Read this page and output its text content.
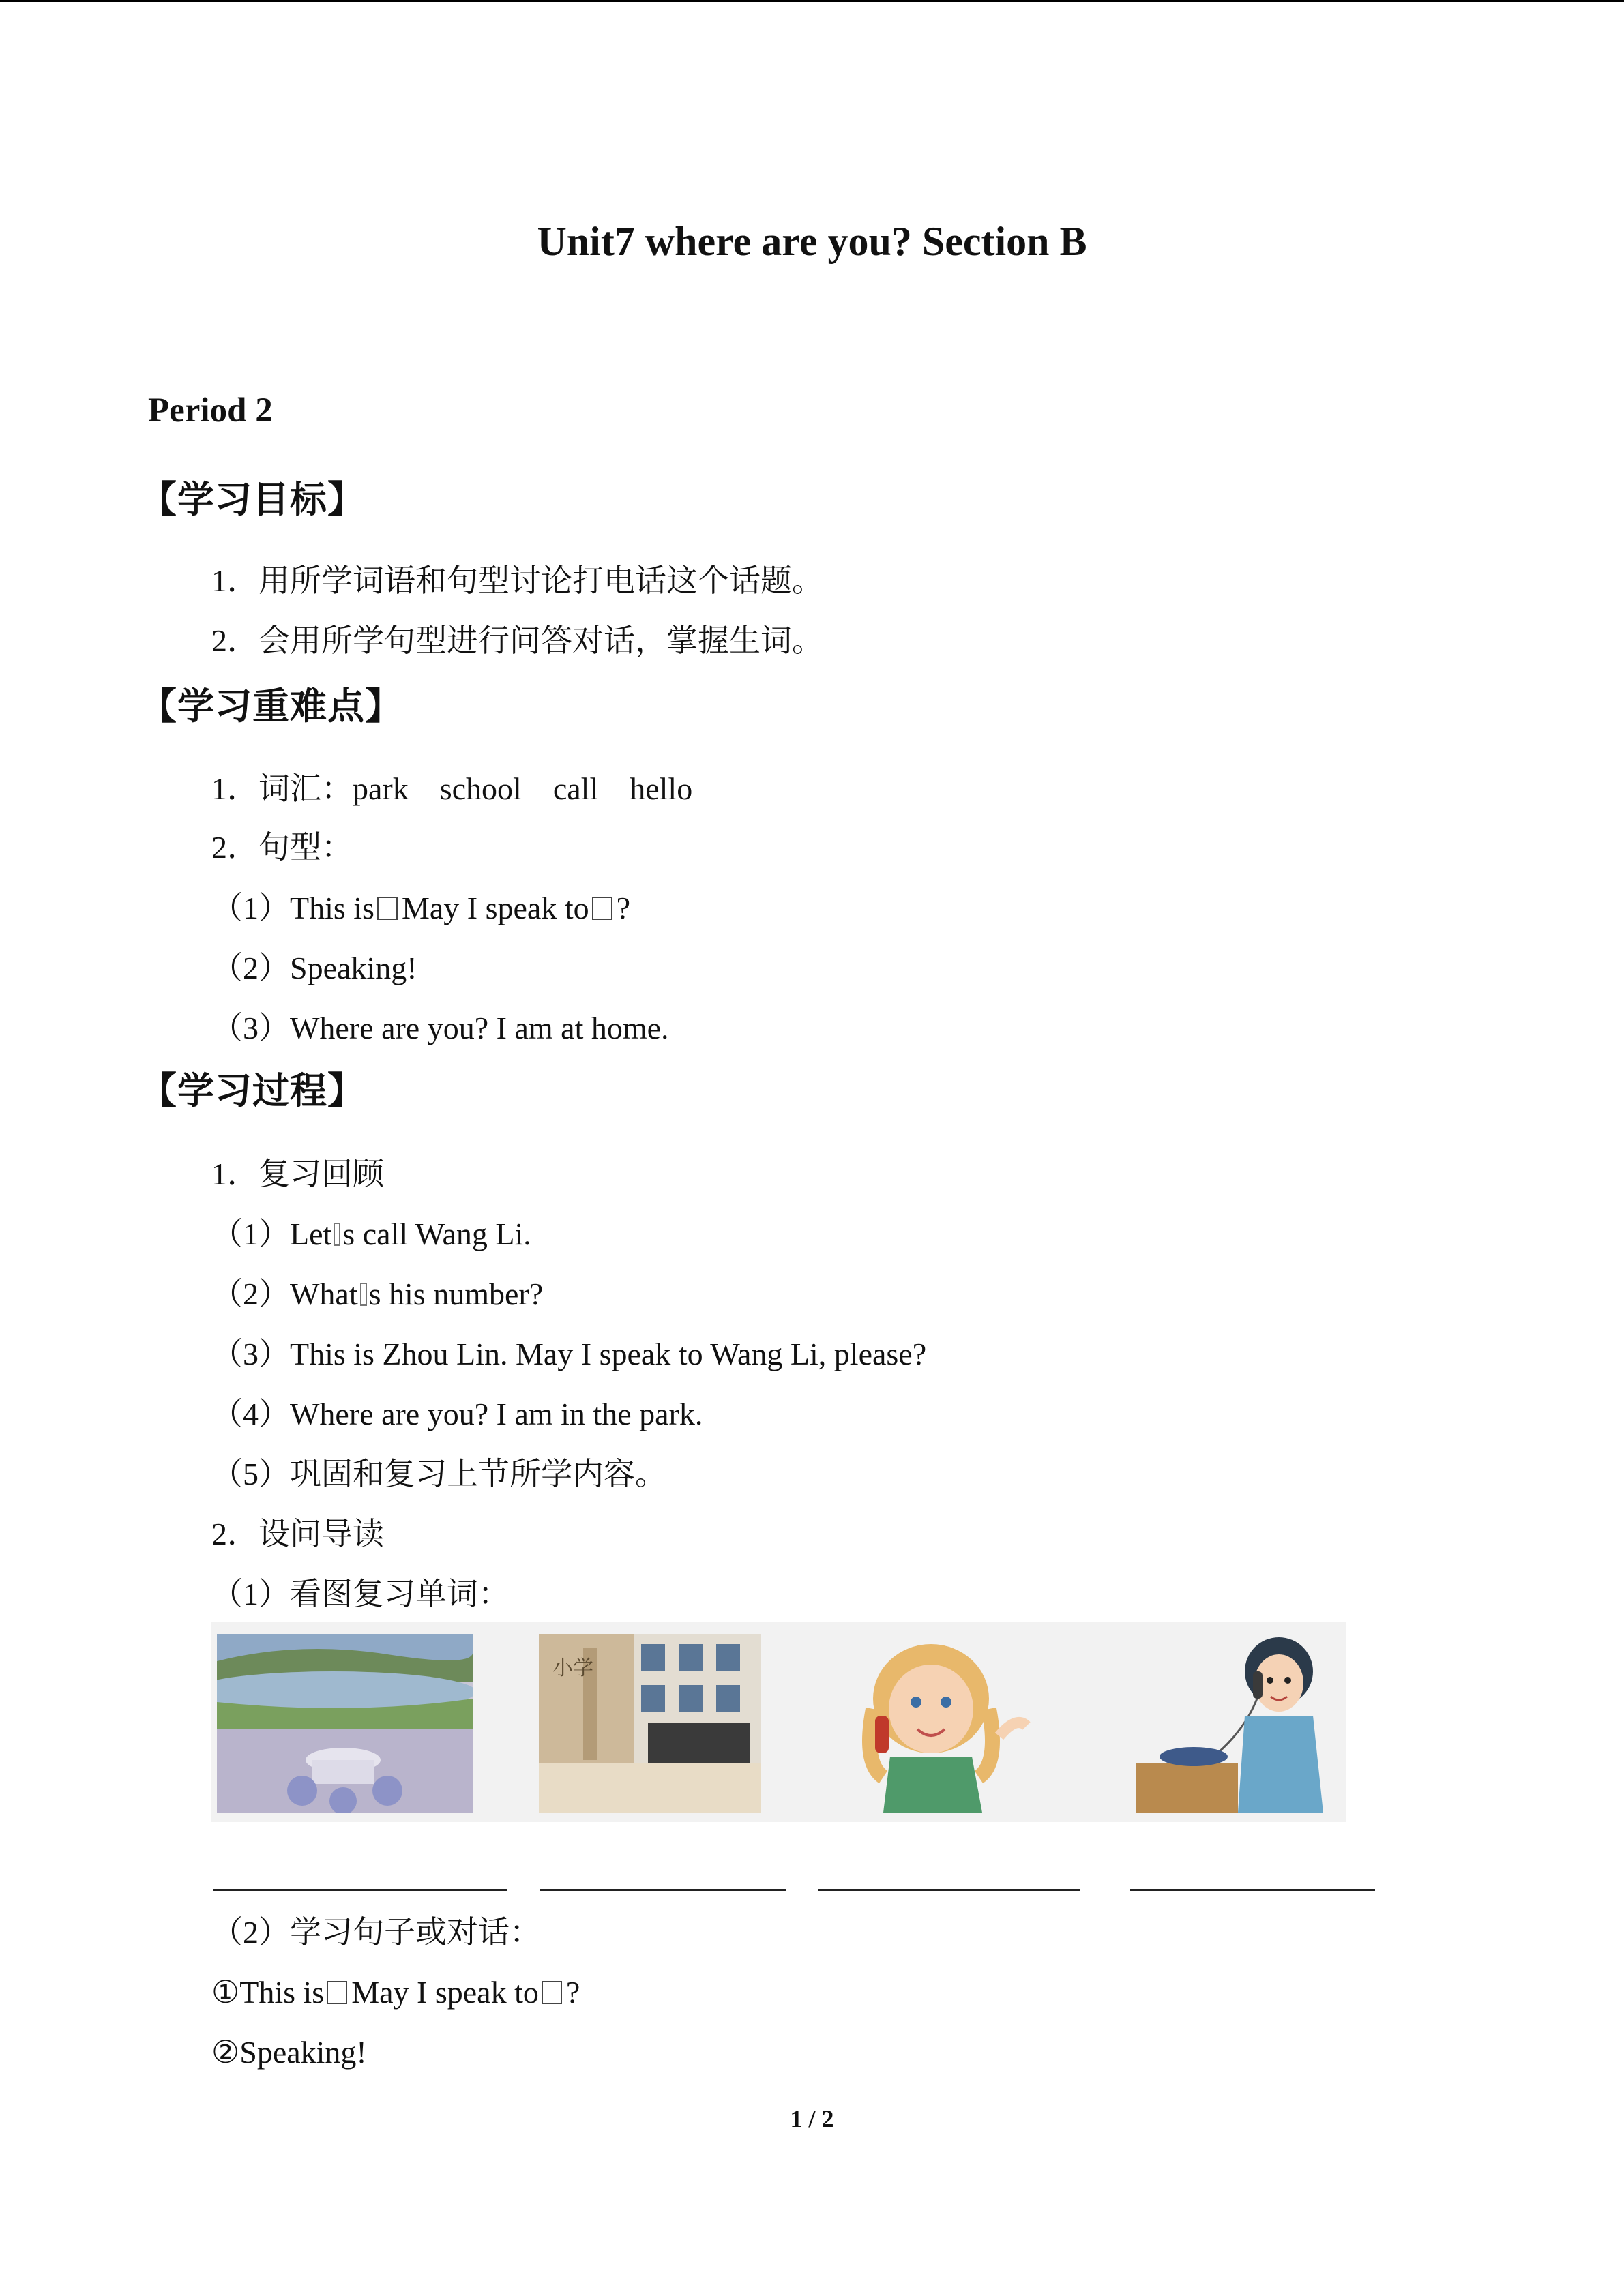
Unit7 where are you? Section B
Period 2
【学习目标】
1．用所学词语和句型讨论打电话这个话题。
2．会用所学句型进行问答对话，掌握生词。
【学习重难点】
1．词汇：park　school　call　hello
2．句型：
（1）This is May I speak to ?
（2）Speaking!
（3）Where are you? I am at home.
【学习过程】
1．复习回顾
（1）Let s call Wang Li.
（2）What s his number?
（3）This is Zhou Lin. May I speak to Wang Li, please?
（4）Where are you? I am in the park.
（5）巩固和复习上节所学内容。
2．设问导读
（1）看图复习单词：
小学
（2）学习句子或对话：
①This is May I speak to ?
②Speaking!
1 / 2
